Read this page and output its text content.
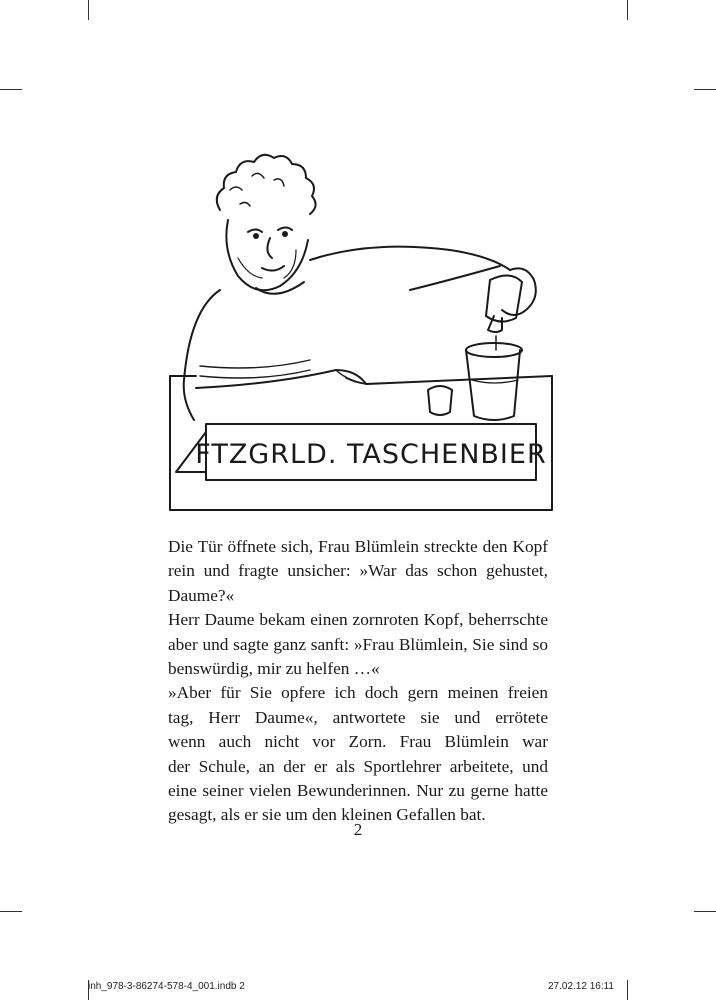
FTZGRLD. TASCHENBIER
Die Tür öffnete sich, Frau Blümlein streckte den Kopf
rein und fragte unsicher: »War das schon gehustet,
Daume?«
Herr Daume bekam einen zornroten Kopf, beherrschte
aber und sagte ganz sanft: »Frau Blümlein, Sie sind so
benswürdig, mir zu helfen …«
»Aber für Sie opfere ich doch gern meinen freien
tag, Herr Daume«, antwortete sie und errötete
wenn auch nicht vor Zorn. Frau Blümlein war
der Schule, an der er als Sportlehrer arbeitete, und
eine seiner vielen Bewunderinnen. Nur zu gerne hatte
gesagt, als er sie um den kleinen Gefallen bat.
2
inh_978-3-86274-578-4_001.indb 2	27.02.12 16:11
